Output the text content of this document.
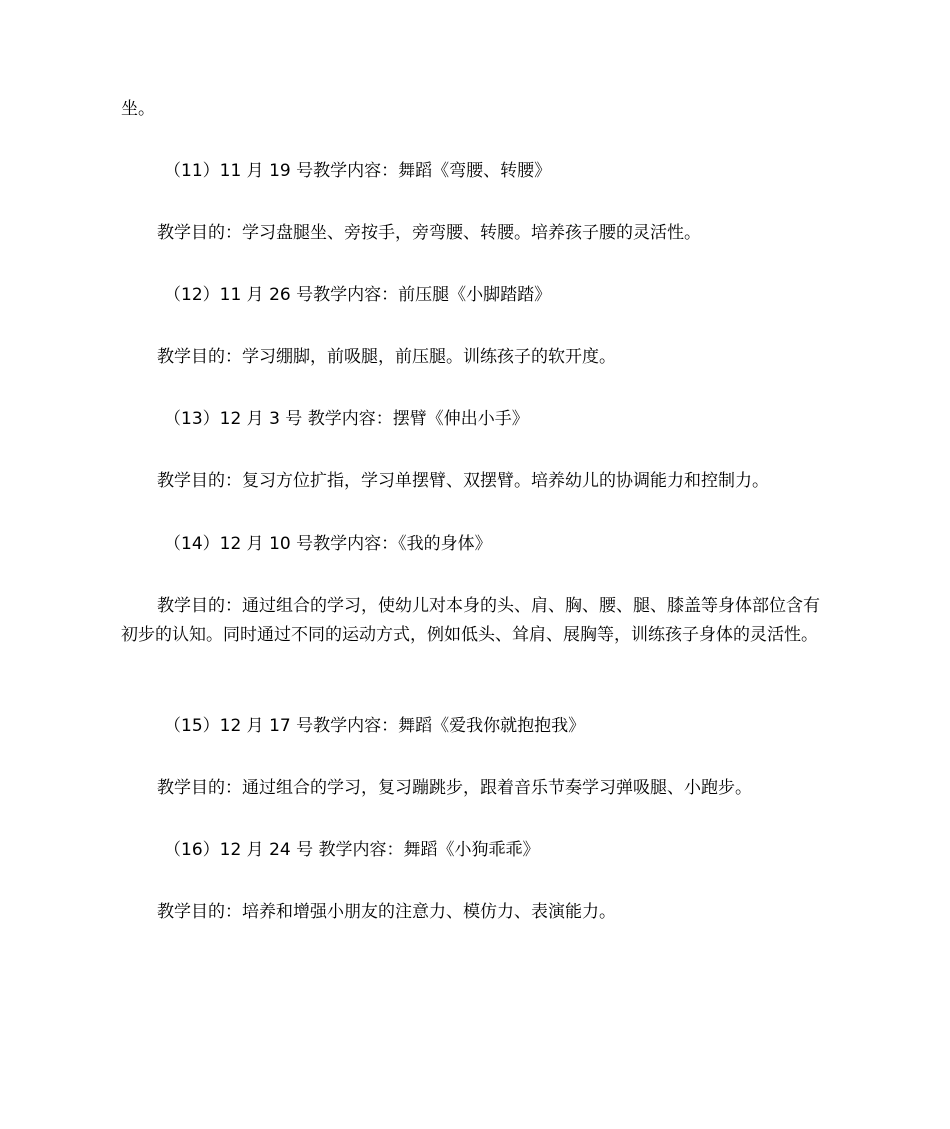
坐。
（11）11 月 19 号教学内容：舞蹈《弯腰、转腰》
教学目的：学习盘腿坐、旁按手，旁弯腰、转腰。培养孩子腰的灵活性。
（12）11 月 26 号教学内容：前压腿《小脚踏踏》
教学目的：学习绷脚，前吸腿，前压腿。训练孩子的软开度。
（13）12 月 3 号 教学内容：摆臂《伸出小手》
教学目的：复习方位扩指，学习单摆臂、双摆臂。培养幼儿的协调能力和控制力。
（14）12 月 10 号教学内容：《我的身体》
教学目的：通过组合的学习，使幼儿对本身的头、肩、胸、腰、腿、膝盖等身体部位含有初步的认知。同时通过不同的运动方式，例如低头、耸肩、展胸等，训练孩子身体的灵活性。
（15）12 月 17 号教学内容：舞蹈《爱我你就抱抱我》
教学目的：通过组合的学习，复习蹦跳步，跟着音乐节奏学习弹吸腿、小跑步。
（16）12 月 24 号 教学内容：舞蹈《小狗乖乖》
教学目的：培养和增强小朋友的注意力、模仿力、表演能力。
